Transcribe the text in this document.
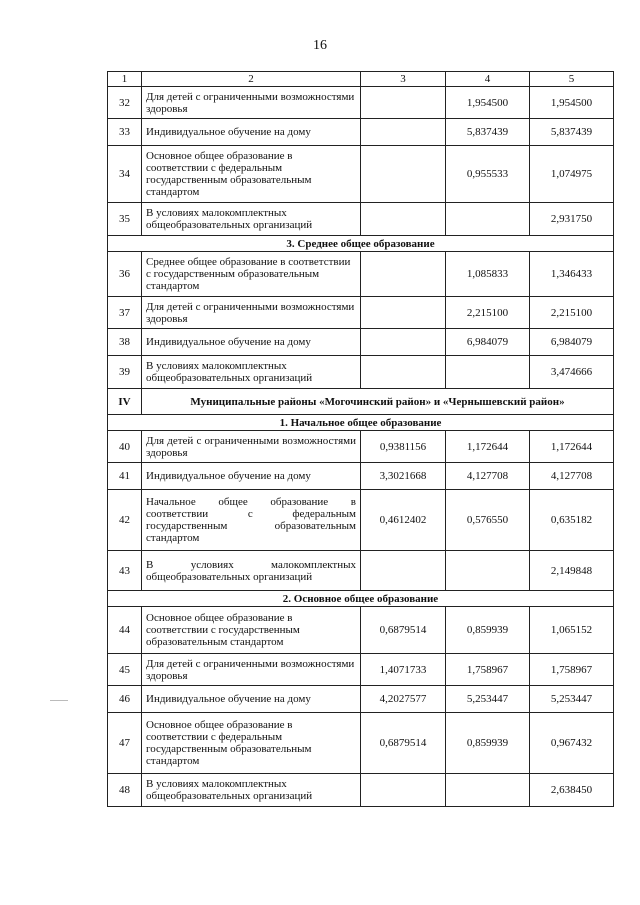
16
1	2	3	4	5
32	Для детей с ограниченными возможностями здоровья		1,954500	1,954500
33	Индивидуальное обучение на дому		5,837439	5,837439
34	Основное общее образование в соответствии с федеральным государственным образовательным стандартом		0,955533	1,074975
35	В условиях малокомплектных общеобразовательных организаций			2,931750
3. Среднее общее образование				
36	Среднее общее образование в соответствии с государственным образовательным стандартом		1,085833	1,346433
37	Для детей с ограниченными возможностями здоровья		2,215100	2,215100
38	Индивидуальное обучение на дому		6,984079	6,984079
39	В условиях малокомплектных общеобразовательных организаций			3,474666
IV	Муниципальные районы «Могочинский район» и «Чернышевский район»			
1. Начальное общее образование				
40	Для детей с ограниченными возможностями здоровья	0,9381156	1,172644	1,172644
41	Индивидуальное обучение на дому	3,3021668	4,127708	4,127708
42	Начальное общее образование в соответствии с федеральным государственным образовательным стандартом	0,4612402	0,576550	0,635182
43	В условиях малокомплектных общеобразовательных организаций			2,149848
2. Основное общее образование				
44	Основное общее образование в соответствии с государственным образовательным стандартом	0,6879514	0,859939	1,065152
45	Для детей с ограниченными возможностями здоровья	1,4071733	1,758967	1,758967
46	Индивидуальное обучение на дому	4,2027577	5,253447	5,253447
47	Основное общее образование в соответствии с федеральным государственным образовательным стандартом	0,6879514	0,859939	0,967432
48	В условиях малокомплектных общеобразовательных организаций			2,638450
